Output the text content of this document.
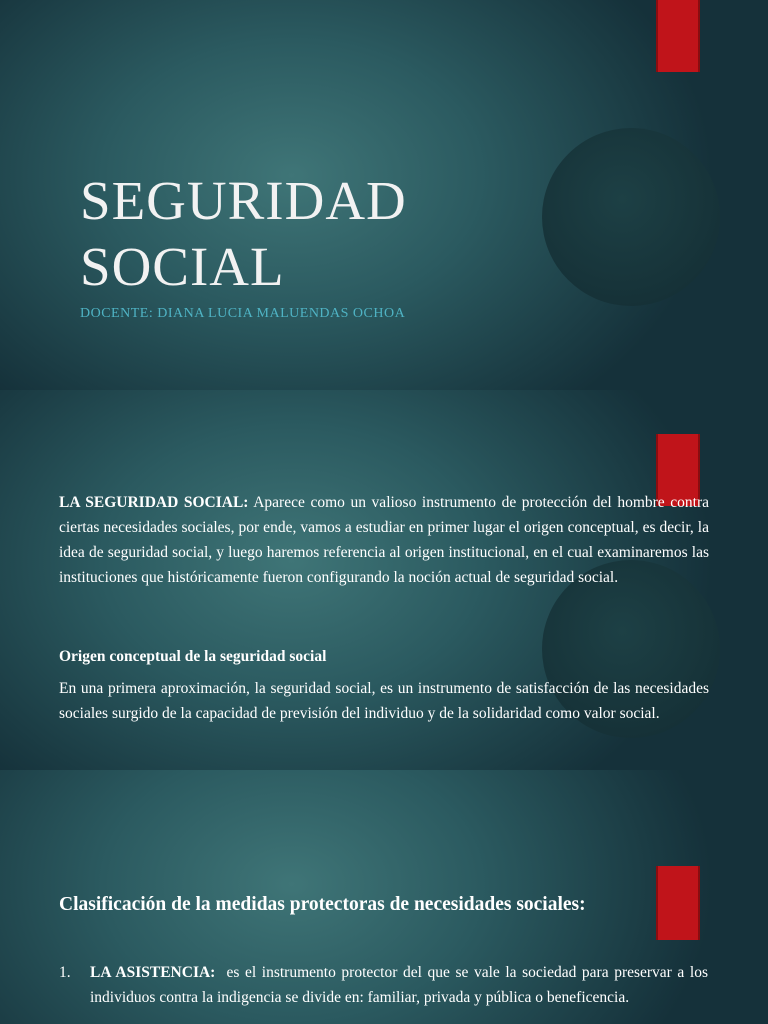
SEGURIDAD
SOCIAL

DOCENTE: DIANA LUCIA MALUENDAS OCHOA

LA SEGURIDAD SOCIAL: Aparece como un valioso instrumento de protección del hombre contra ciertas necesidades sociales, por ende, vamos a estudiar en primer lugar el origen conceptual, es decir, la idea de seguridad social, y luego haremos referencia al origen institucional, en el cual examinaremos las instituciones que históricamente fueron configurando la noción actual de seguridad social.
Origen conceptual de la seguridad social
En una primera aproximación, la seguridad social, es un instrumento de satisfacción de las necesidades sociales surgido de la capacidad de previsión del individuo y de la solidaridad como valor social.
Clasificación de la medidas protectoras de necesidades sociales:
1. LA ASISTENCIA:  es el instrumento protector del que se vale la sociedad para preservar a los individuos contra la indigencia se divide en: familiar, privada y pública o beneficencia.
